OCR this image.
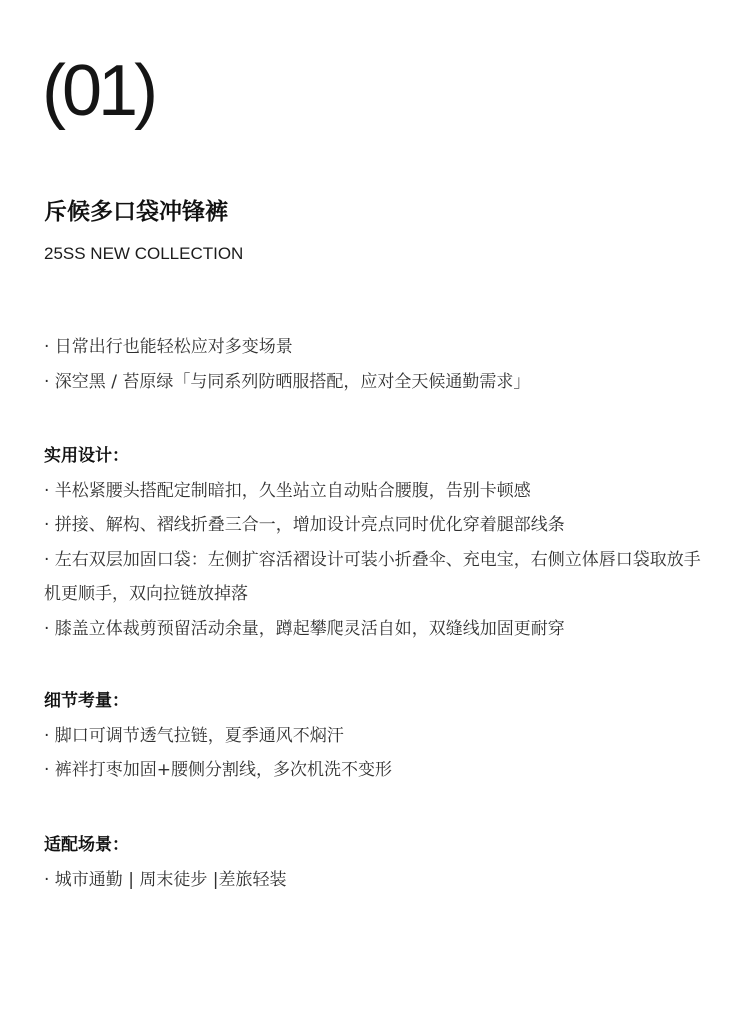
(01)
斥候多口袋冲锋裤
25SS NEW COLLECTION
· 日常出行也能轻松应对多变场景
· 深空黑 / 苔原绿「与同系列防晒服搭配，应对全天候通勤需求」
实用设计：
· 半松紧腰头搭配定制暗扣，久坐站立自动贴合腰腹，告别卡顿感
· 拼接、解构、褶线折叠三合一，增加设计亮点同时优化穿着腿部线条
· 左右双层加固口袋：左侧扩容活褶设计可装小折叠伞、充电宝，右侧立体唇口袋取放手机更顺手，双向拉链放掉落
· 膝盖立体裁剪预留活动余量，蹲起攀爬灵活自如，双缝线加固更耐穿
细节考量：
· 脚口可调节透气拉链，夏季通风不焖汗
· 裤袢打枣加固+腰侧分割线，多次机洗不变形
适配场景：
· 城市通勤 | 周末徒步 |差旅轻装
